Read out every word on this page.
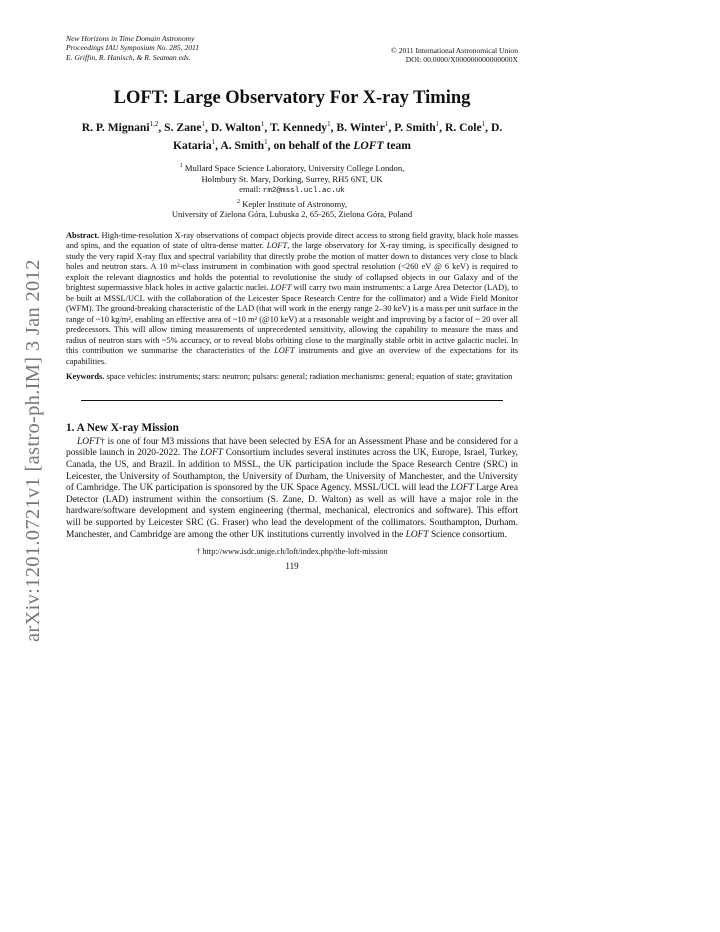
arXiv:1201.0721v1 [astro-ph.IM] 3 Jan 2012
New Horizons in Time Domain Astronomy
Proceedings IAU Symposium No. 285, 2011
E. Griffin, R. Hanisch, & R. Seaman eds.
© 2011 International Astronomical Union
DOI: 00.0000/X000000000000000X
LOFT: Large Observatory For X-ray Timing
R. P. Mignani$^{1,2}$, S. Zane$^1$, D. Walton$^1$, T. Kennedy$^1$, B. Winter$^1$, P. Smith$^1$, R. Cole$^1$, D. Kataria$^1$, A. Smith$^1$, on behalf of the LOFT team
$^1$ Mullard Space Science Laboratory, University College London,
Holmbury St. Mary, Dorking, Surrey, RH5 6NT, UK
email: rm2@mssl.ucl.ac.uk
$^2$ Kepler Institute of Astronomy,
University of Zielona Góra, Lubuska 2, 65-265, Zielona Góra, Poland
Abstract. High-time-resolution X-ray observations of compact objects provide direct access to strong field gravity, black hole masses and spins, and the equation of state of ultra-dense matter. LOFT, the large observatory for X-ray timing, is specifically designed to study the very rapid X-ray flux and spectral variability that directly probe the motion of matter down to distances very close to black holes and neutron stars. A 10 m²-class instrument in combination with good spectral resolution (<260 eV @ 6 keV) is required to exploit the relevant diagnostics and holds the potential to revolutionise the study of collapsed objects in our Galaxy and of the brightest supermassive black holes in active galactic nuclei. LOFT will carry two main instruments: a Large Area Detector (LAD), to be built at MSSL/UCL with the collaboration of the Leicester Space Research Centre for the collimator) and a Wide Field Monitor (WFM). The ground-breaking characteristic of the LAD (that will work in the energy range 2–30 keV) is a mass per unit surface in the range of ~10 kg/m², enabling an effective area of ~10 m² (@10 keV) at a reasonable weight and improving by a factor of ~ 20 over all predecessors. This will allow timing measurements of unprecedented sensitivity, allowing the capability to measure the mass and radius of neutron stars with ~5% accuracy, or to reveal blobs orbiting close to the marginally stable orbit in active galactic nuclei. In this contribution we summarise the characteristics of the LOFT instruments and give an overview of the expectations for its capabilities.
Keywords. space vehicles: instruments; stars: neutron; pulsars: general; radiation mechanisms: general; equation of state; gravitation
1. A New X-ray Mission
LOFT† is one of four M3 missions that have been selected by ESA for an Assessment Phase and be considered for a possible launch in 2020-2022. The LOFT Consortium includes several institutes across the UK, Europe, Israel, Turkey, Canada, the US, and Brazil. In addition to MSSL, the UK participation include the Space Research Centre (SRC) in Leicester, the University of Southampton, the University of Durham, the University of Manchester, and the University of Cambridge. The UK participation is sponsored by the UK Space Agency. MSSL/UCL will lead the LOFT Large Area Detector (LAD) instrument within the consortium (S. Zane, D. Walton) as well as will have a major role in the hardware/software development and system engineering (thermal, mechanical, electronics and software). This effort will be supported by Leicester SRC (G. Fraser) who lead the development of the collimators. Southampton, Durham. Manchester, and Cambridge are among the other UK institutions currently involved in the LOFT Science consortium.
† http://www.isdc.unige.ch/loft/index.php/the-loft-mission
119
